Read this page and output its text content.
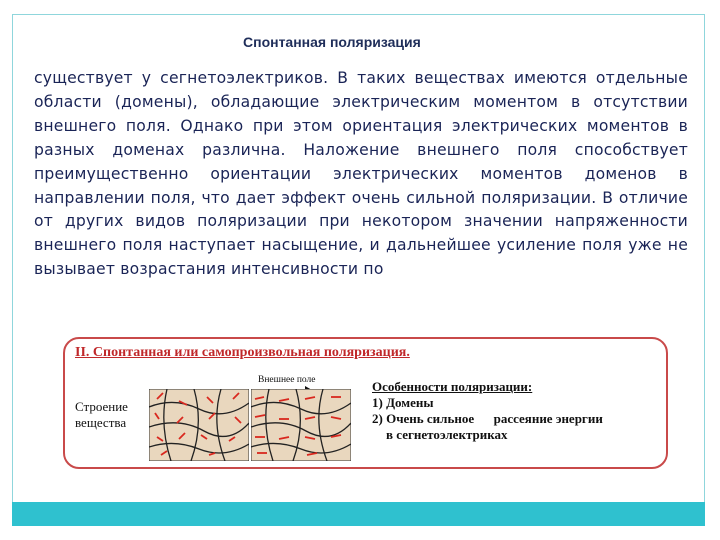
Спонтанная поляризация
существует у сегнетоэлектриков. В таких веществах имеются отдельные области (домены), обладающие электрическим моментом в отсутствии внешнего поля. Однако при этом ориентация электрических моментов в разных доменах различна. Наложение внешнего поля способствует преимущественно ориентации электрических моментов доменов в направлении поля, что дает эффект очень сильной поляризации. В отличие от других видов поляризации при некотором значении напряженности внешнего поля наступает насыщение, и дальнейшее усиление поля уже не вызывает возрастания интенсивности по
II. Спонтанная или самопроизвольная поляризация.
Строение
вещества
Внешнее поле	Особенности поляризации:
1) Домены
2) Очень сильное      рассеяние энергии
в сегнетоэлектриках
